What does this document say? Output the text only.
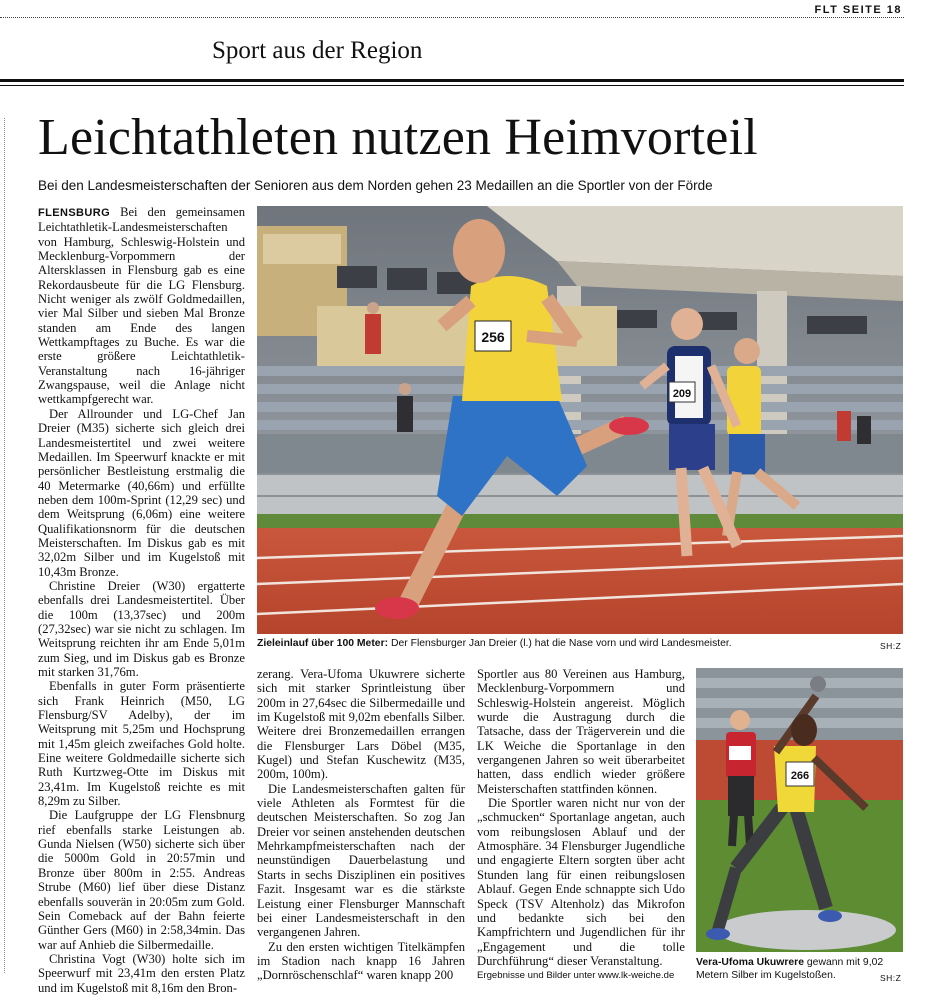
FLT SEITE 18
Sport aus der Region
Leichtathleten nutzen Heimvorteil
Bei den Landesmeisterschaften der Senioren aus dem Norden gehen 23 Medaillen an die Sportler von der Förde

FLENSBURG Bei den gemeinsamen Leichtathletik-Landesmeisterschaften von Hamburg, Schleswig-Holstein und Mecklenburg-Vorpommern der Altersklassen in Flensburg gab es eine Rekordausbeute für die LG Flensburg. Nicht weniger als zwölf Goldmedaillen, vier Mal Silber und sieben Mal Bronze standen am Ende des langen Wettkampftages zu Buche. Es war die erste größere Leichtathletik-Veranstaltung nach 16-jähriger Zwangspause, weil die Anlage nicht wettkampfgerecht war.

Der Allrounder und LG-Chef Jan Dreier (M35) sicherte sich gleich drei Landesmeistertitel und zwei weitere Medaillen. Im Speerwurf knackte er mit persönlicher Bestleistung erstmalig die 40 Metermarke (40,66m) und erfüllte neben dem 100m-Sprint (12,29 sec) und dem Weitsprung (6,06m) eine weitere Qualifikationsnorm für die deutschen Meisterschaften. Im Diskus gab es mit 32,02m Silber und im Kugelstoß mit 10,43m Bronze.

Christine Dreier (W30) ergatterte ebenfalls drei Landesmeistertitel. Über die 100m (13,37sec) und 200m (27,32sec) war sie nicht zu schlagen. Im Weitsprung reichten ihr am Ende 5,01m zum Sieg, und im Diskus gab es Bronze mit starken 31,76m.

Ebenfalls in guter Form präsentierte sich Frank Heinrich (M50, LG Flensburg/SV Adelby), der im Weitsprung mit 5,25m und Hochsprung mit 1,45m gleich zweifaches Gold holte. Eine weitere Goldmedaille sicherte sich Ruth Kurtzweg-Otte im Diskus mit 23,41m. Im Kugelstoß reichte es mit 8,29m zu Silber.

Die Laufgruppe der LG Flensbnurg rief ebenfalls starke Leistungen ab. Gunda Nielsen (W50) sicherte sich über die 5000m Gold in 20:57min und Bronze über 800m in 2:55. Andreas Strube (M60) lief über diese Distanz ebenfalls souverän in 20:05m zum Gold. Sein Comeback auf der Bahn feierte Günther Gers (M60) in 2:58,34min. Das war auf Anhieb die Silbermedaille.

Christina Vogt (W30) holte sich im Speerwurf mit 23,41m den ersten Platz und im Kugelstoß mit 8,16m den Bron-

209
256
Zieleinlauf über 100 Meter: Der Flensburger Jan Dreier (l.) hat die Nase vorn und wird Landesmeister.	SH:Z

zerang. Vera-Ufoma Ukuwrere sicherte sich mit starker Sprintleistung über 200m in 27,64sec die Silbermedaille und im Kugelstoß mit 9,02m ebenfalls Silber. Weitere drei Bronzemedaillen errangen die Flensburger Lars Döbel (M35, Kugel) und Stefan Kuschewitz (M35, 200m, 100m).

Die Landesmeisterschaften galten für viele Athleten als Formtest für die deutschen Meisterschaften. So zog Jan Dreier vor seinen anstehenden deutschen Mehrkampfmeisterschaften nach der neunstündigen Dauerbelastung und Starts in sechs Disziplinen ein positives Fazit. Insgesamt war es die stärkste Leistung einer Flensburger Mannschaft bei einer Landesmeisterschaft in den vergangenen Jahren.

Zu den ersten wichtigen Titelkämpfen im Stadion nach knapp 16 Jahren „Dornröschenschlaf“ waren knapp 200

Sportler aus 80 Vereinen aus Hamburg, Mecklenburg-Vorpommern und Schleswig-Holstein angereist. Möglich wurde die Austragung durch die Tatsache, dass der Trägerverein und die LK Weiche die Sportanlage in den vergangenen Jahren so weit überarbeitet hatten, dass endlich wieder größere Meisterschaften stattfinden können.

Die Sportler waren nicht nur von der „schmucken“ Sportanlage angetan, auch vom reibungslosen Ablauf und der Atmosphäre. 34 Flensburger Jugendliche und engagierte Eltern sorgten über acht Stunden lang für einen reibungslosen Ablauf. Gegen Ende schnappte sich Udo Speck (TSV Altenholz) das Mikrofon und bedankte sich bei den Kampfrichtern und Jugendlichen für ihr „Engagement und die tolle Durchführung“ dieser Veranstaltung.

Ergebnisse und Bilder unter www.lk-weiche.de
266
Vera-Ufoma Ukuwrere gewann mit 9,02 Metern Silber im Kugelstoßen.	SH:Z
